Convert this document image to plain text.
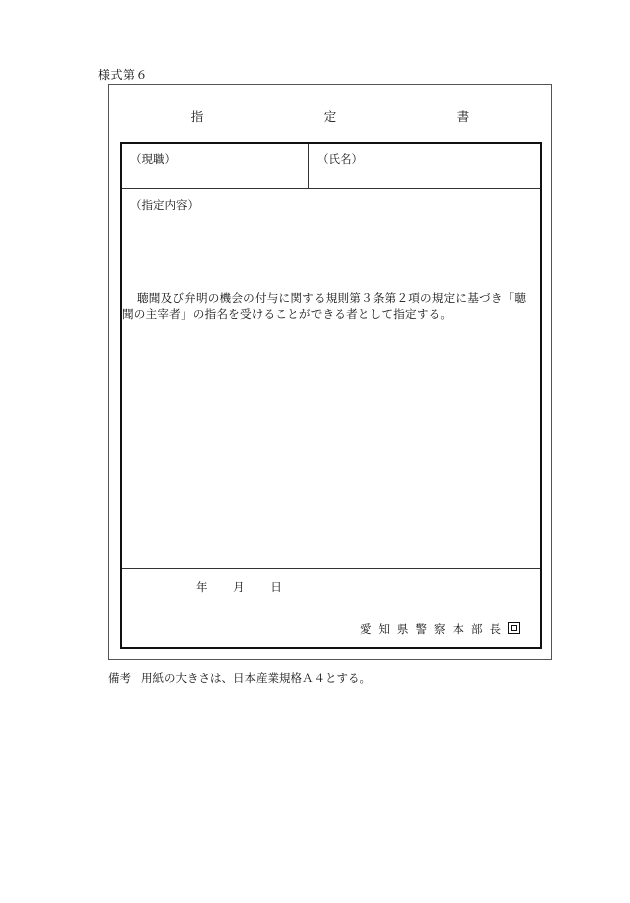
様式第６
指　定　書
（現職）	（氏名）
（指定内容）
聴聞及び弁明の機会の付与に関する規則第３条第２項の規定に基づき「聴聞の主宰者」の指名を受けることができる者として指定する。
年 月 日
愛知県警察本部長
備考 用紙の大きさは、日本産業規格Ａ４とする。
